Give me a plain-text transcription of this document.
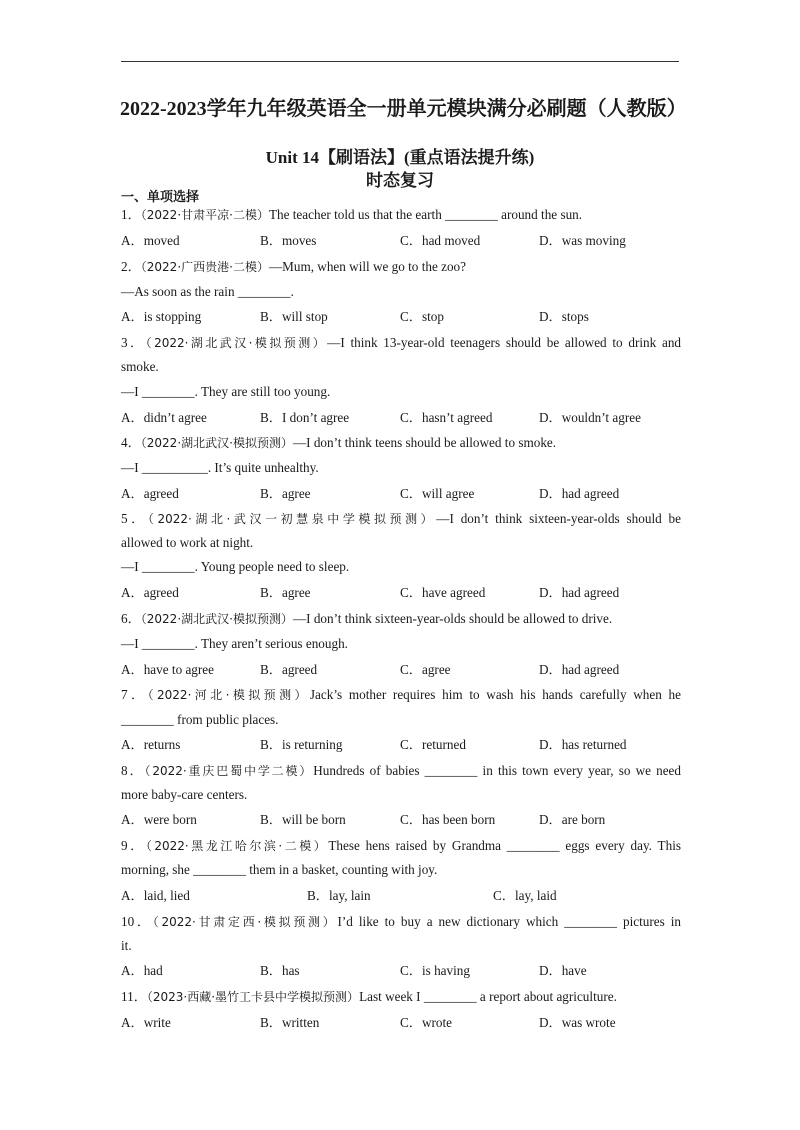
2022-2023学年九年级英语全一册单元模块满分必刷题（人教版）
Unit 14【刷语法】(重点语法提升练)
时态复习
一、单项选择
1．（2022·甘肃平凉·二模）The teacher told us that the earth ________ around the sun.
A．moved	B．moves	C．had moved	D．was moving
2．（2022·广西贵港·二模）—Mum, when will we go to the zoo?
—As soon as the rain ________.
A．is stopping	B．will stop	C．stop	D．stops
3．（2022·湖北武汉·模拟预测）—I think 13-year-old teenagers should be allowed to drink and
smoke.
—I ________. They are still too young.
A．didn’t agree	B．I don’t agree	C．hasn’t agreed	D．wouldn’t agree
4．（2022·湖北武汉·模拟预测）—I don’t think teens should be allowed to smoke.
—I __________. It’s quite unhealthy.
A．agreed	B．agree	C．will agree	D．had agreed
5．（2022·湖北·武汉一初慧泉中学模拟预测）—I don’t think sixteen-year-olds should be
allowed to work at night.
—I ________. Young people need to sleep.
A．agreed	B．agree	C．have agreed	D．had agreed
6．（2022·湖北武汉·模拟预测）—I don’t think sixteen-year-olds should be allowed to drive.
—I ________. They aren’t serious enough.
A．have to agree	B．agreed	C．agree	D．had agreed
7．（2022·河北·模拟预测）Jack’s mother requires him to wash his hands carefully when he
________ from public places.
A．returns	B．is returning	C．returned	D．has returned
8．（2022·重庆巴蜀中学二模）Hundreds of babies ________ in this town every year, so we need
more baby-care centers.
A．were born	B．will be born	C．has been born	D．are born
9．（2022·黑龙江哈尔滨·二模）These hens raised by Grandma ________ eggs every day. This
morning, she ________ them in a basket, counting with joy.
A．laid, lied	B．lay, lain	C．lay, laid
10．（2022·甘肃定西·模拟预测）I’d like to buy a new dictionary which ________ pictures in
it.
A．had	B．has	C．is having	D．have
11．（2023·西藏·墨竹工卡县中学模拟预测）Last week I ________ a report about agriculture.
A．write	B．written	C．wrote	D．was wrote
